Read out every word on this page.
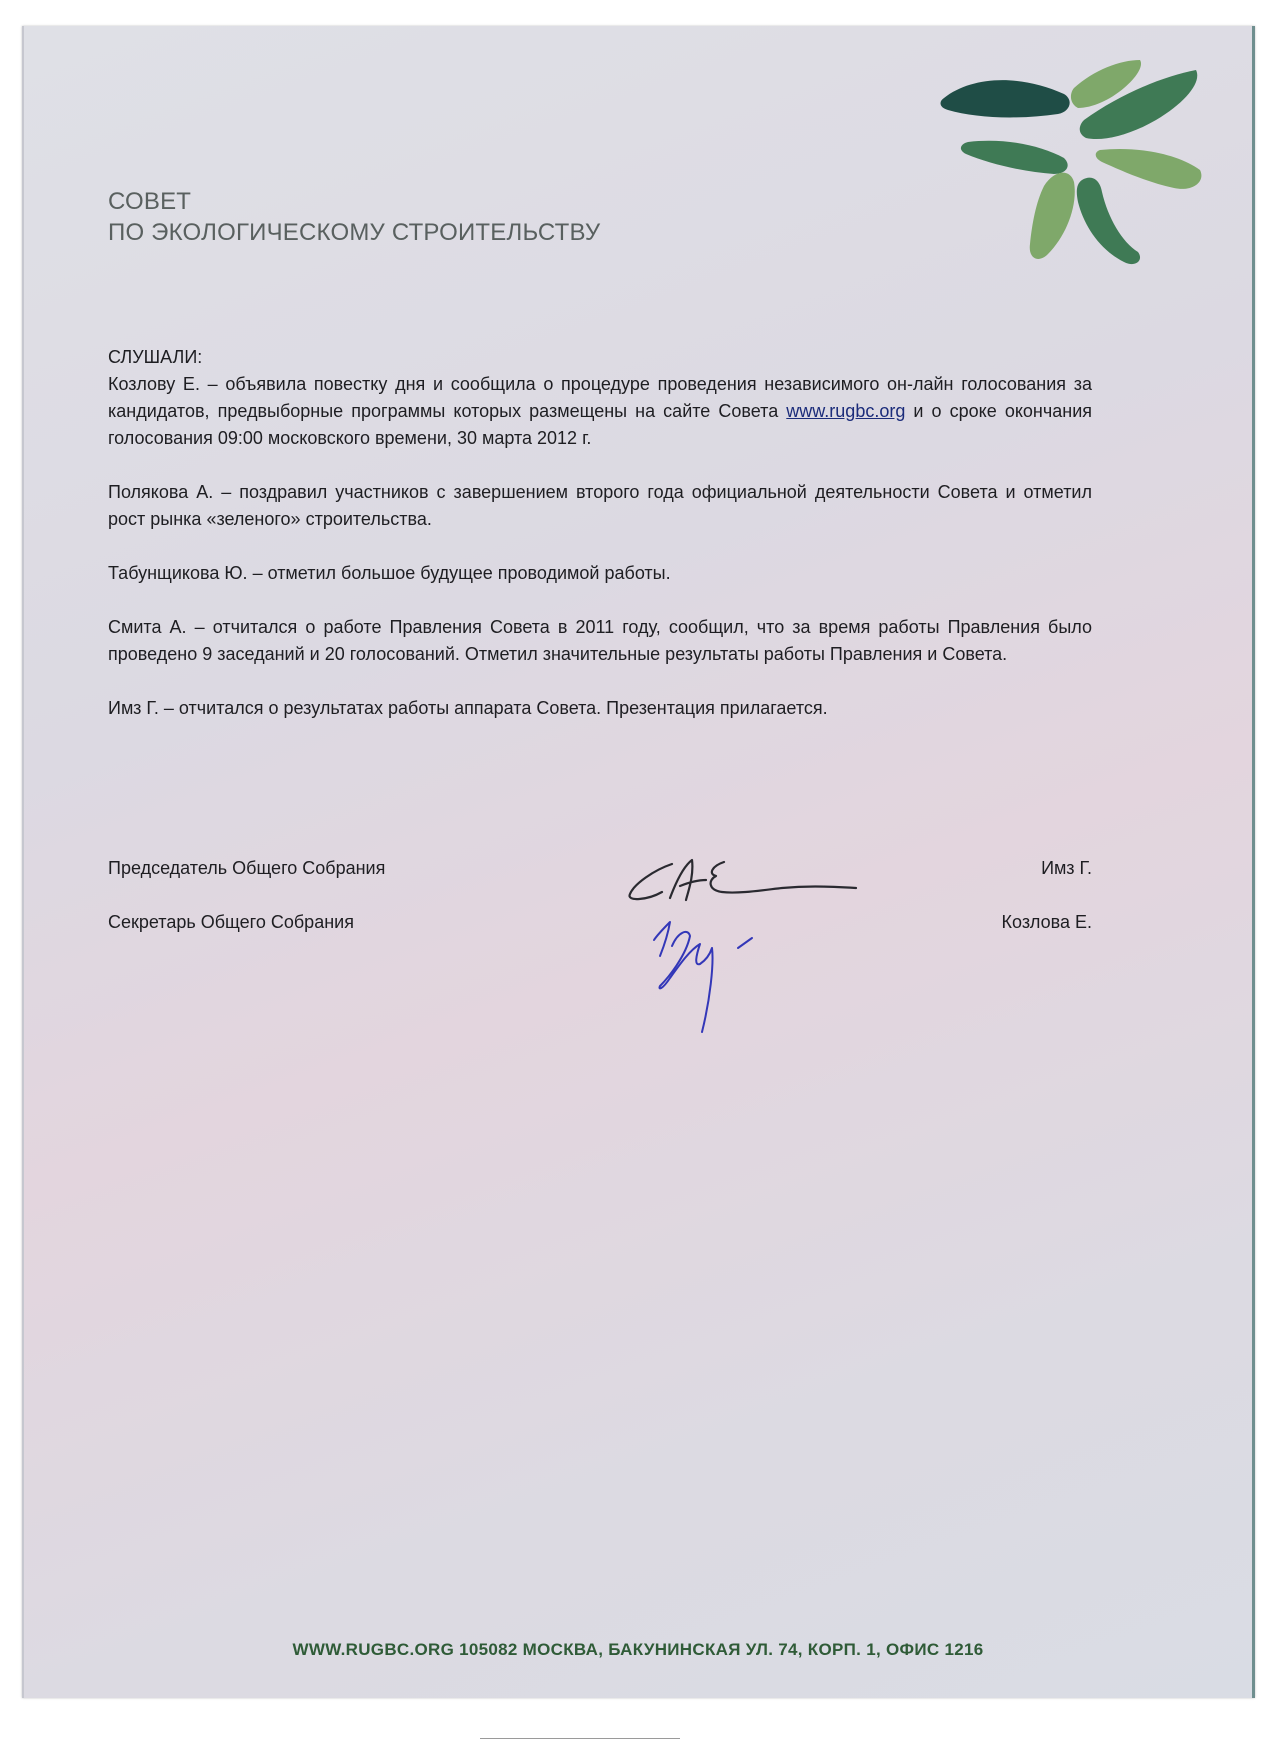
СОВЕТ
ПО ЭКОЛОГИЧЕСКОМУ СТРОИТЕЛЬСТВУ

СЛУШАЛИ:

Козлову Е. – объявила повестку дня и сообщила о процедуре проведения независимого он-лайн голосования за кандидатов, предвыборные программы которых размещены на сайте Совета www.rugbc.org и о сроке окончания голосования 09:00 московского времени, 30 марта 2012 г.

Полякова А. – поздравил участников с завершением второго года официальной деятельности Совета и отметил рост рынка «зеленого» строительства.

Табунщикова Ю. – отметил большое будущее проводимой работы.

Смита А. – отчитался о работе Правления Совета в 2011 году, сообщил, что за время работы Правления было проведено 9 заседаний и 20 голосований. Отметил значительные результаты работы Правления и Совета.

Имз Г. – отчитался о результатах работы аппарата Совета. Презентация прилагается.

Председатель Общего Собрания	Имз Г.
Секретарь Общего Собрания	Козлова Е.
WWW.RUGBC.ORG 105082 МОСКВА, БАКУНИНСКАЯ УЛ. 74, КОРП. 1, ОФИС 1216
